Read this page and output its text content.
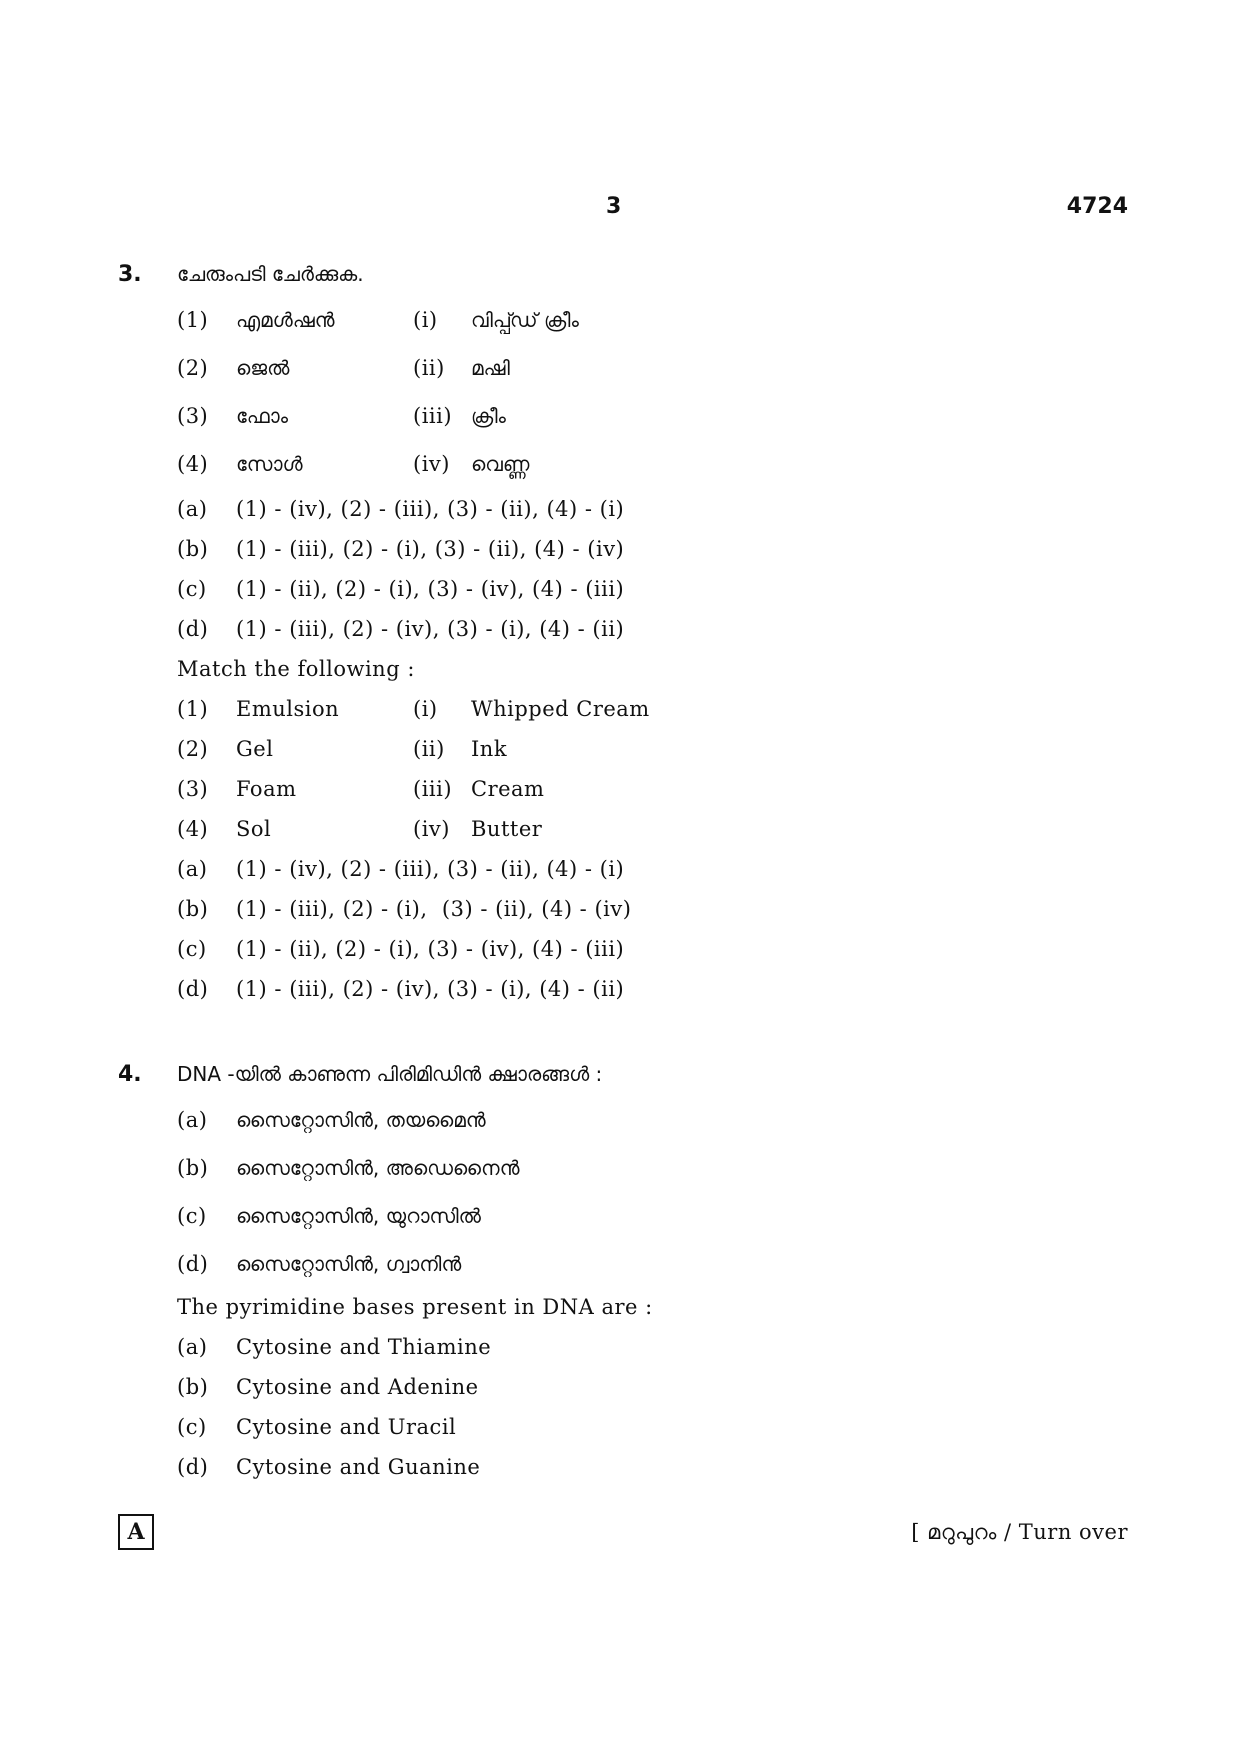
3	4724
3. ചേരുംപടി ചേർക്കുക.
(1) എമൾഷൻ	(i) വിപ്പ്ഡ് ക്രീം
(2) ജെൽ	(ii) മഷി
(3) ഫോം	(iii) ക്രീം
(4) സോൾ	(iv) വെണ്ണ
(a) (1) - (iv), (2) - (iii), (3) - (ii), (4) - (i)
(b) (1) - (iii), (2) - (i), (3) - (ii), (4) - (iv)
(c) (1) - (ii), (2) - (i), (3) - (iv), (4) - (iii)
(d) (1) - (iii), (2) - (iv), (3) - (i), (4) - (ii)
Match the following :
(1) Emulsion	(i) Whipped Cream
(2) Gel	(ii) Ink
(3) Foam	(iii) Cream
(4) Sol	(iv) Butter
(a) (1) - (iv), (2) - (iii), (3) - (ii), (4) - (i)
(b) (1) - (iii), (2) - (i),  (3) - (ii), (4) - (iv)
(c) (1) - (ii), (2) - (i), (3) - (iv), (4) - (iii)
(d) (1) - (iii), (2) - (iv), (3) - (i), (4) - (ii)
4. DNA -യിൽ കാണുന്ന പിരിമിഡിൻ ക്ഷാരങ്ങൾ :
(a) സൈറ്റോസിൻ, തയമൈൻ
(b) സൈറ്റോസിൻ, അഡെനൈൻ
(c) സൈറ്റോസിൻ, യുറാസിൽ
(d) സൈറ്റോസിൻ, ഗ്വാനിൻ
The pyrimidine bases present in DNA are :
(a) Cytosine and Thiamine
(b) Cytosine and Adenine
(c) Cytosine and Uracil
(d) Cytosine and Guanine
A	[ മറുപുറം / Turn over
